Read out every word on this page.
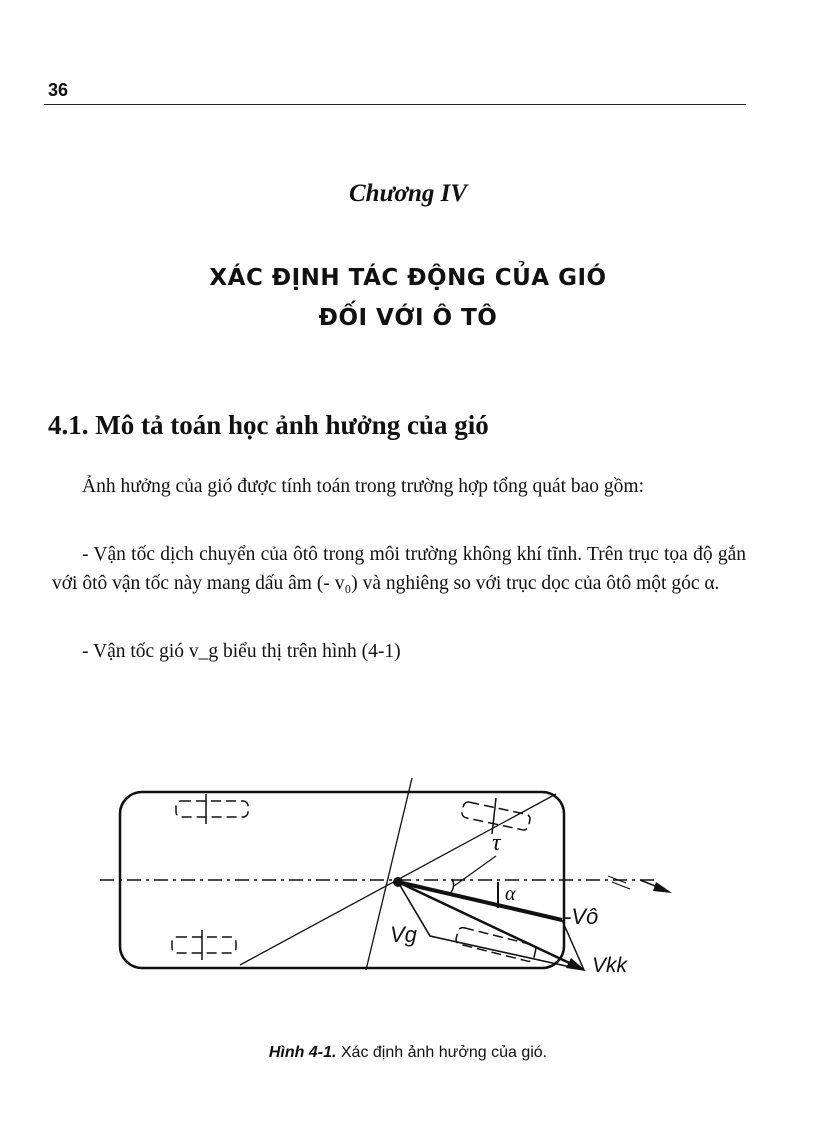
36
Chương IV
XÁC ĐỊNH TÁC ĐỘNG CỦA GIÓ
ĐỐI VỚI Ô TÔ
4.1. Mô tả toán học ảnh hưởng của gió
Ảnh hưởng của gió được tính toán trong trường hợp tổng quát bao gồm:
- Vận tốc dịch chuyển của ôtô trong môi trường không khí tĩnh. Trên trục tọa độ gắn với ôtô vận tốc này mang dấu âm (- v₀) và nghiêng so với trục dọc của ôtô một góc α.
- Vận tốc gió v_g biểu thị trên hình (4-1)
τ
α
-Vô
Vg
Vkk
Hình 4-1. Xác định ảnh hưởng của gió.
